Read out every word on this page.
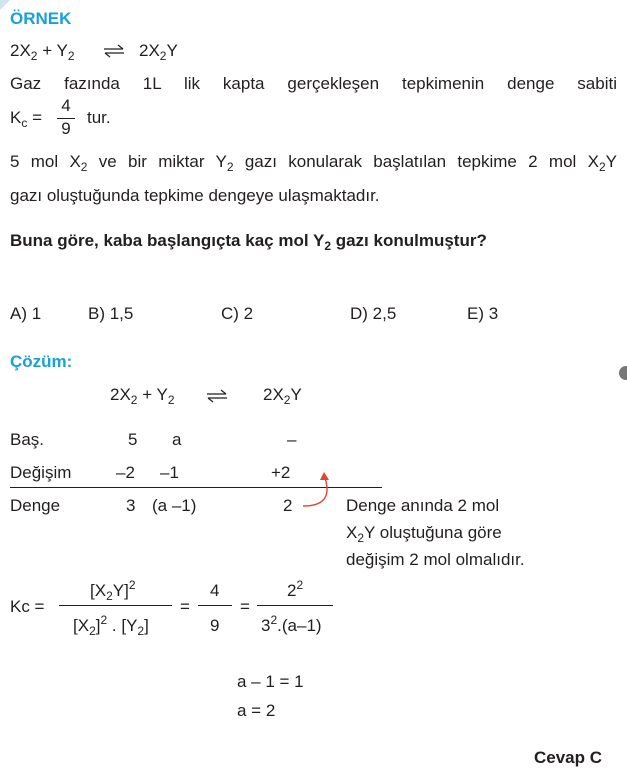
ÖRNEK
$2X_2 + Y_2$ ⇌ $2X_2Y$
Gaz fazında 1L lik kapta gerçekleşen tepkimenin denge sabiti
$K_c = \frac{4}{9}$ tur.
5 mol $X_2$ ve bir miktar $Y_2$ gazı konularak başlatılan tepkime 2 mol $X_2Y$
gazı oluştuğunda tepkime dengeye ulaşmaktadır.
Buna göre, kaba başlangıçta kaç mol $Y_2$ gazı konulmuştur?
A) 1	B) 1,5	C) 2	D) 2,5	E) 3
Çözüm:
$2X_2 + Y_2$	$2X_2Y$
Baş.	5 a	–
Değişim	–2 –1	+2
Denge	3 (a –1)	2	Denge anında 2 mol
$X_2Y$ oluştuğuna göre
değişim 2 mol olmalıdır.
Kc =
$[X_2Y]^2$
$[X_2]^2$ . $[Y_2]$
=
4
9
=
$2^2$
$3^2.(a-1)$
a – 1 = 1
a = 2
Cevap C
